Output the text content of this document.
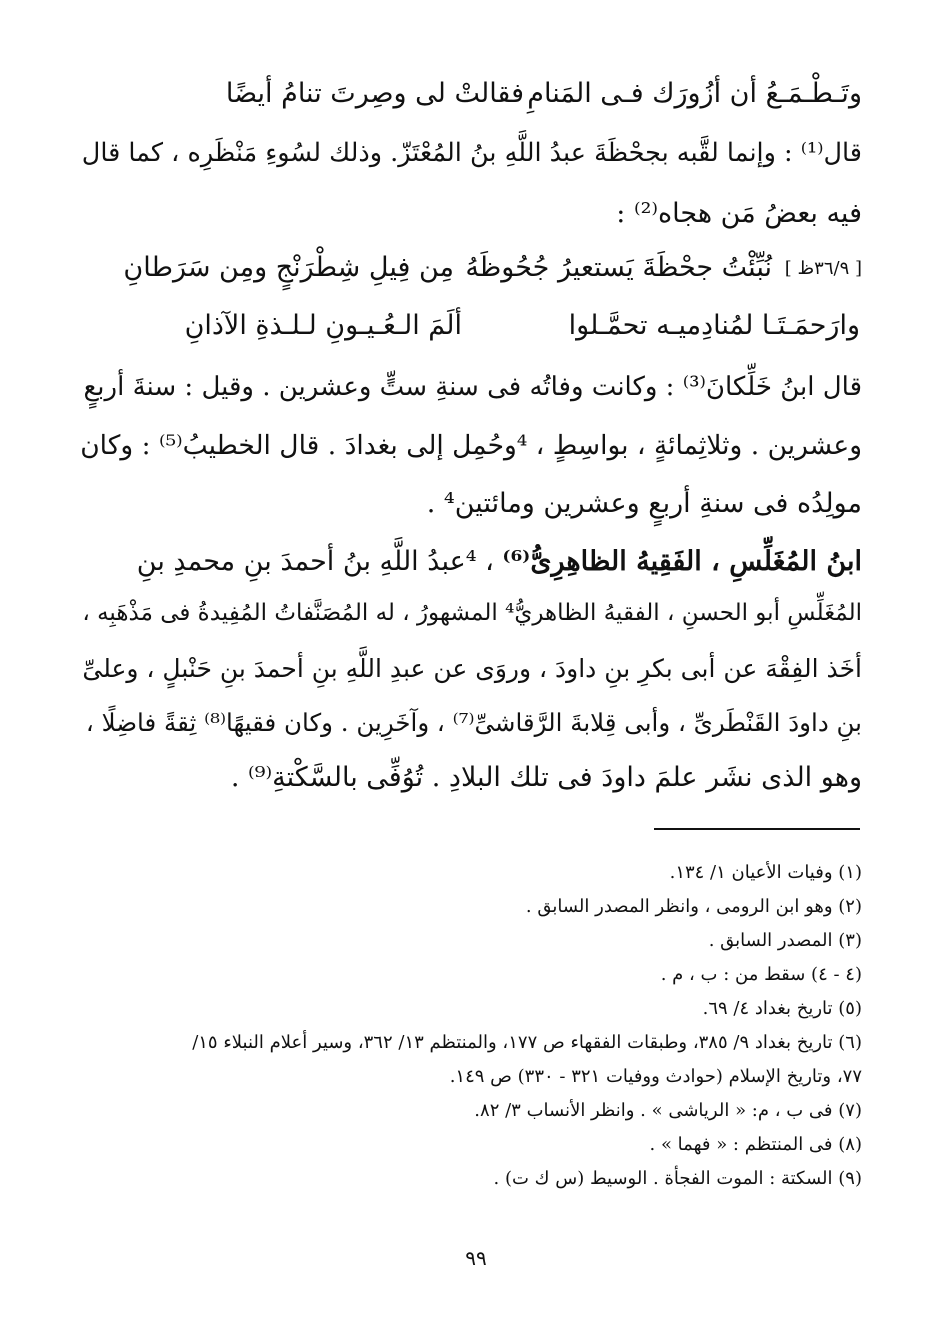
وتَـطْـمَـعُ أن أزُورَك فـى المَنامِ
فقالتْ لى وصِرتَ تنامُ أيضًا
قال⁽¹⁾ : وإنما لقَّبه بجحْظَةَ عبدُ اللَّهِ بنُ المُعْتَزّ. وذلك لسُوءِ مَنْظَرِه ، كما قال
فيه بعضُ مَن هجاه⁽²⁾ :
[ ٣٦/٩ظ ]
نُبِّئْتُ جحْظَةَ يَستعيرُ جُحُوظَهُ
مِن فِيلِ شِطْرَنْجٍ ومِن سَرَطانِ
وارَحمَـتَـا لمُنادِميـه تحمَّـلوا
ألَمَ الـعُـيـونِ لـلـذةِ الآذانِ
قال ابنُ خَلِّكانَ⁽³⁾ : وكانت وفاتُه فى سنةِ ستٍّ وعشرين . وقيل : سنةَ أربعٍ
وعشرين . وثلاثِمائةٍ ، بواسِطٍ ، ⁴وحُمِل إلى بغدادَ . قال الخطيبُ⁽⁵⁾ : وكان
مولِدُه فى سنةِ أربعٍ وعشرين ومائتين⁴ .
ابنُ المُغَلِّسِ ، الفَقِيهُ الظاهِرِىُّ⁽⁶⁾ ، ⁴عبدُ اللَّهِ بنُ أحمدَ بنِ محمدِ بنِ
المُغَلِّسِ أبو الحسنِ ، الفقيهُ الظاهريُّ⁴ المشهورُ ، له المُصَنَّفاتُ المُفِيدةُ فى مَذْهَبِه ،
أخَذ الفِقْهَ عن أبى بكرِ بنِ داودَ ، وروَى عن عبدِ اللَّهِ بنِ أحمدَ بنِ حَنْبلٍ ، وعلىِّ
بنِ داودَ القَنْطَرىِّ ، وأبى قِلابةَ الرَّقاشىِّ⁽⁷⁾ ، وآخَرِين . وكان فقيهًا⁽⁸⁾ ثِقةً فاضِلًا ،
وهو الذى نشَر علمَ داودَ فى تلك البلادِ . تُوُفِّى بالسَّكْتةِ⁽⁹⁾ .
(١) وفيات الأعيان ١/ ١٣٤.
(٢) وهو ابن الرومى ، وانظر المصدر السابق .
(٣) المصدر السابق .
(٤ - ٤) سقط من : ب ، م .
(٥) تاريخ بغداد ٤/ ٦٩.
(٦) تاريخ بغداد ٩/ ٣٨٥، وطبقات الفقهاء ص ١٧٧، والمنتظم ١٣/ ٣٦٢، وسير أعلام النبلاء ١٥/
٧٧، وتاريخ الإسلام (حوادث ووفيات ٣٢١ - ٣٣٠) ص ١٤٩.
(٧) فى ب ، م: « الرياشى » . وانظر الأنساب ٣/ ٨٢.
(٨) فى المنتظم : « فهما » .
(٩) السكتة : الموت الفجأة . الوسيط (س ك ت) .
٩٩
